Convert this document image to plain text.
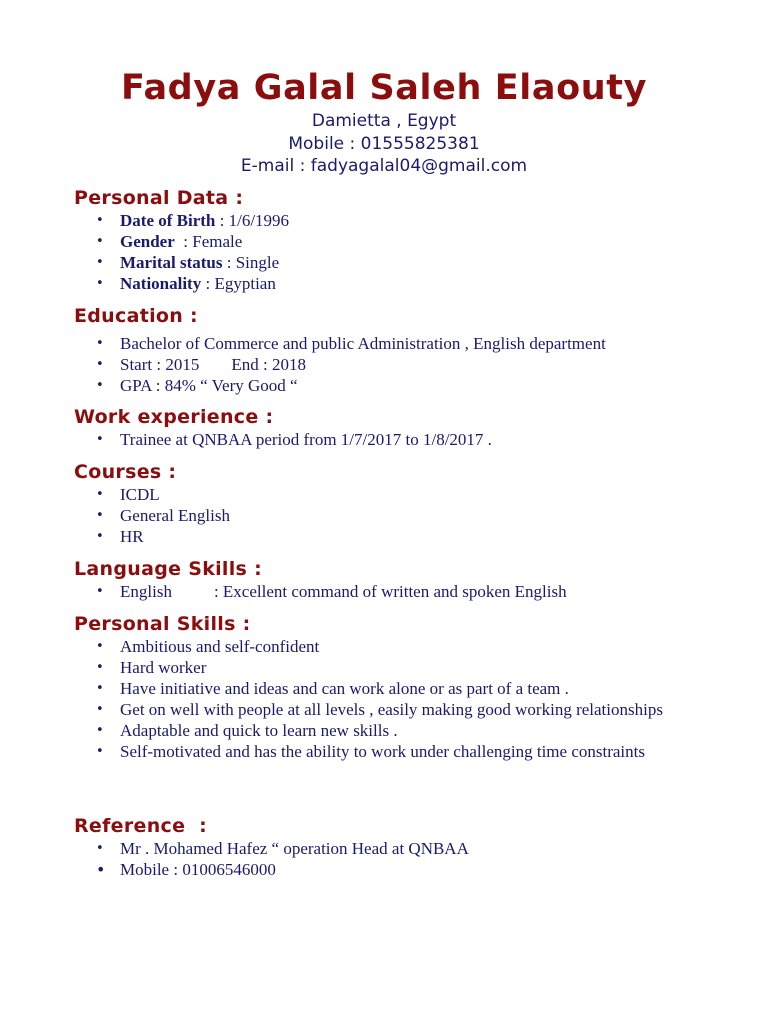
Fadya Galal Saleh Elaouty
Damietta , Egypt
Mobile : 01555825381
E-mail : fadyagalal04@gmail.com
Personal Data :
• Date of Birth : 1/6/1996
• Gender  : Female
• Marital status : Single
• Nationality : Egyptian
Education :
• Bachelor of Commerce and public Administration , English department
• Start : 2015 End : 2018
• GPA : 84% “ Very Good “
Work experience :
• Trainee at QNBAA period from 1/7/2017 to 1/8/2017 .
Courses :
• ICDL
• General English
• HR
Language Skills :
• English : Excellent command of written and spoken English
Personal Skills :
• Ambitious and self-confident
• Hard worker
• Have initiative and ideas and can work alone or as part of a team .
• Get on well with people at all levels , easily making good working relationships
• Adaptable and quick to learn new skills .
• Self-motivated and has the ability to work under challenging time constraints
Reference  :
• Mr . Mohamed Hafez “ operation Head at QNBAA
• Mobile : 01006546000
